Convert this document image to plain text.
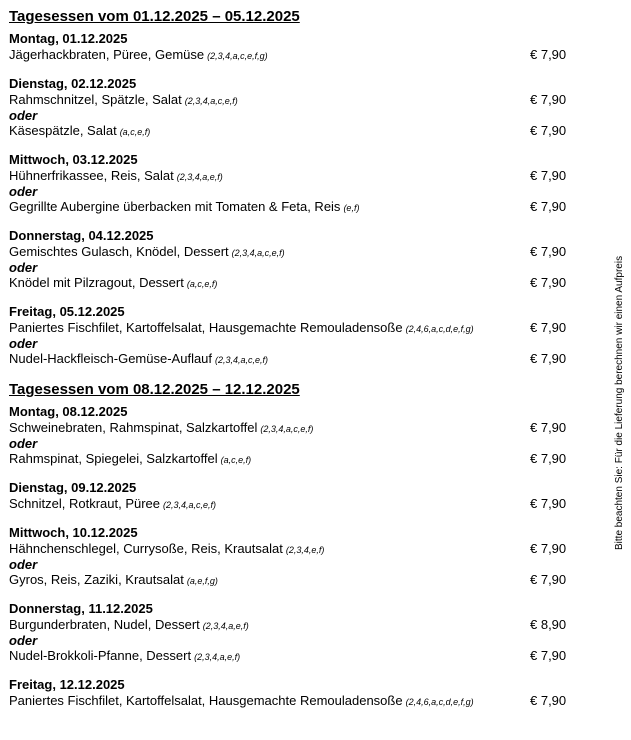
Tagesessen vom 01.12.2025 – 05.12.2025
Montag, 01.12.2025
Jägerhackbraten, Püree, Gemüse (2,3,4,a,c,e,f,g)	€ 7,90
Dienstag, 02.12.2025
Rahmschnitzel, Spätzle, Salat (2,3,4,a,c,e,f)	€ 7,90
oder
Käsespätzle, Salat (a,c,e,f)	€ 7,90
Mittwoch, 03.12.2025
Hühnerfrikassee, Reis, Salat (2,3,4,a,e,f)	€ 7,90
oder
Gegrillte Aubergine überbacken mit Tomaten & Feta, Reis (e,f)	€ 7,90
Donnerstag, 04.12.2025
Gemischtes Gulasch, Knödel, Dessert (2,3,4,a,c,e,f)	€ 7,90
oder
Knödel mit Pilzragout, Dessert (a,c,e,f)	€ 7,90
Freitag, 05.12.2025
Paniertes Fischfilet, Kartoffelsalat, Hausgemachte Remouladensoße (2,4,6,a,c,d,e,f,g)	€ 7,90
oder
Nudel-Hackfleisch-Gemüse-Auflauf (2,3,4,a,c,e,f)	€ 7,90
Tagesessen vom 08.12.2025 – 12.12.2025
Montag, 08.12.2025
Schweinebraten, Rahmspinat, Salzkartoffel (2,3,4,a,c,e,f)	€ 7,90
oder
Rahmspinat, Spiegelei, Salzkartoffel (a,c,e,f)	€ 7,90
Dienstag, 09.12.2025
Schnitzel, Rotkraut, Püree (2,3,4,a,c,e,f)	€ 7,90
Mittwoch, 10.12.2025
Hähnchenschlegel, Currysoße, Reis, Krautsalat (2,3,4,e,f)	€ 7,90
oder
Gyros, Reis, Zaziki, Krautsalat (a,e,f,g)	€ 7,90
Donnerstag, 11.12.2025
Burgunderbraten, Nudel, Dessert (2,3,4,a,e,f)	€ 8,90
oder
Nudel-Brokkoli-Pfanne, Dessert (2,3,4,a,e,f)	€ 7,90
Freitag, 12.12.2025
Paniertes Fischfilet, Kartoffelsalat, Hausgemachte Remouladensoße (2,4,6,a,c,d,e,f,g)	€ 7,90
Bitte beachten Sie: Für die Lieferung berechnen wir einen Aufpreis
